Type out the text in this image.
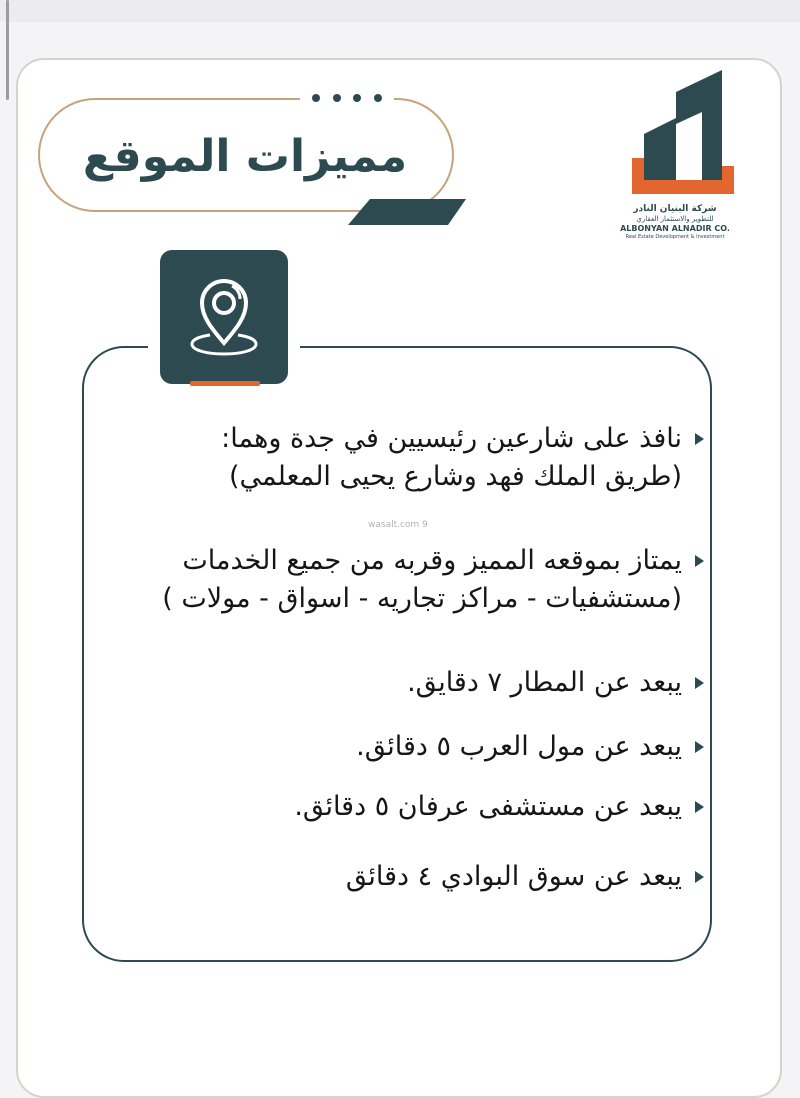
مميزات الموقع
شركة البنيان النادر
للتطوير والاستثمار العقاري
ALBONYAN ALNADIR CO.
Real Estate Development & Investment
wasalt.com 9
نافذ على شارعين رئيسيين في جدة وهما:
(طريق الملك فهد وشارع يحيى المعلمي)
يمتاز بموقعه المميز وقربه من جميع الخدمات
(مستشفيات - مراكز تجاريه - اسواق - مولات )
يبعد عن المطار ٧ دقايق.
يبعد عن مول العرب ٥ دقائق.
يبعد عن مستشفى عرفان ٥ دقائق.
يبعد عن سوق البوادي ٤ دقائق
